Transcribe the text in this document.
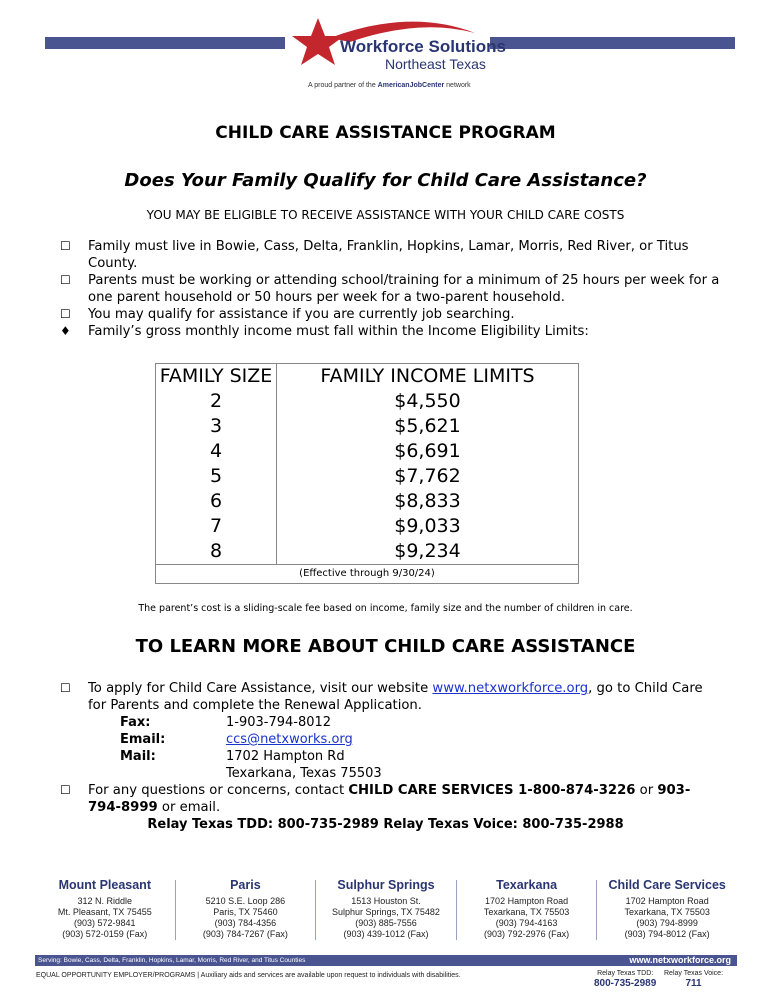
Workforce Solutions
Northeast Texas
A proud partner of the AmericanJobCenter network
CHILD CARE ASSISTANCE PROGRAM
Does Your Family Qualify for Child Care Assistance?
YOU MAY BE ELIGIBLE TO RECEIVE ASSISTANCE WITH YOUR CHILD CARE COSTS
☐ Family must live in Bowie, Cass, Delta, Franklin, Hopkins, Lamar, Morris, Red River, or Titus County.
☐ Parents must be working or attending school/training for a minimum of 25 hours per week for a one parent household or 50 hours per week for a two-parent household.
☐ You may qualify for assistance if you are currently job searching.
♦ Family’s gross monthly income must fall within the Income Eligibility Limits:
FAMILY SIZE	FAMILY INCOME LIMITS
2	$4,550
3	$5,621
4	$6,691
5	$7,762
6	$8,833
7	$9,033
8	$9,234
(Effective through 9/30/24)	
The parent’s cost is a sliding-scale fee based on income, family size and the number of children in care.
TO LEARN MORE ABOUT CHILD CARE ASSISTANCE
☐ To apply for Child Care Assistance, visit our website www.netxworkforce.org, go to Child Care for Parents and complete the Renewal Application.
Fax:	1-903-794-8012
Email:	ccs@netxworks.org
Mail:	1702 Hampton Rd
Texarkana, Texas 75503
☐ For any questions or concerns, contact CHILD CARE SERVICES 1-800-874-3226 or 903-794-8999 or email.
Relay Texas TDD: 800-735-2989 Relay Texas Voice: 800-735-2988
Mount Pleasant
312 N. Riddle
Mt. Pleasant, TX 75455
(903) 572-9841
(903) 572-0159 (Fax)
Paris
5210 S.E. Loop 286
Paris, TX 75460
(903) 784-4356
(903) 784-7267 (Fax)
Sulphur Springs
1513 Houston St.
Sulphur Springs, TX 75482
(903) 885-7556
(903) 439-1012 (Fax)
Texarkana
1702 Hampton Road
Texarkana, TX 75503
(903) 794-4163
(903) 792-2976 (Fax)
Child Care Services
1702 Hampton Road
Texarkana, TX 75503
(903) 794-8999
(903) 794-8012 (Fax)
Serving: Bowie, Cass, Delta, Franklin, Hopkins, Lamar, Morris, Red River, and Titus Counties	www.netxworkforce.org
EQUAL OPPORTUNITY EMPLOYER/PROGRAMS | Auxiliary aids and services are available upon request to individuals with disabilities.	Relay Texas TDD:
800-735-2989
Relay Texas Voice:
711
